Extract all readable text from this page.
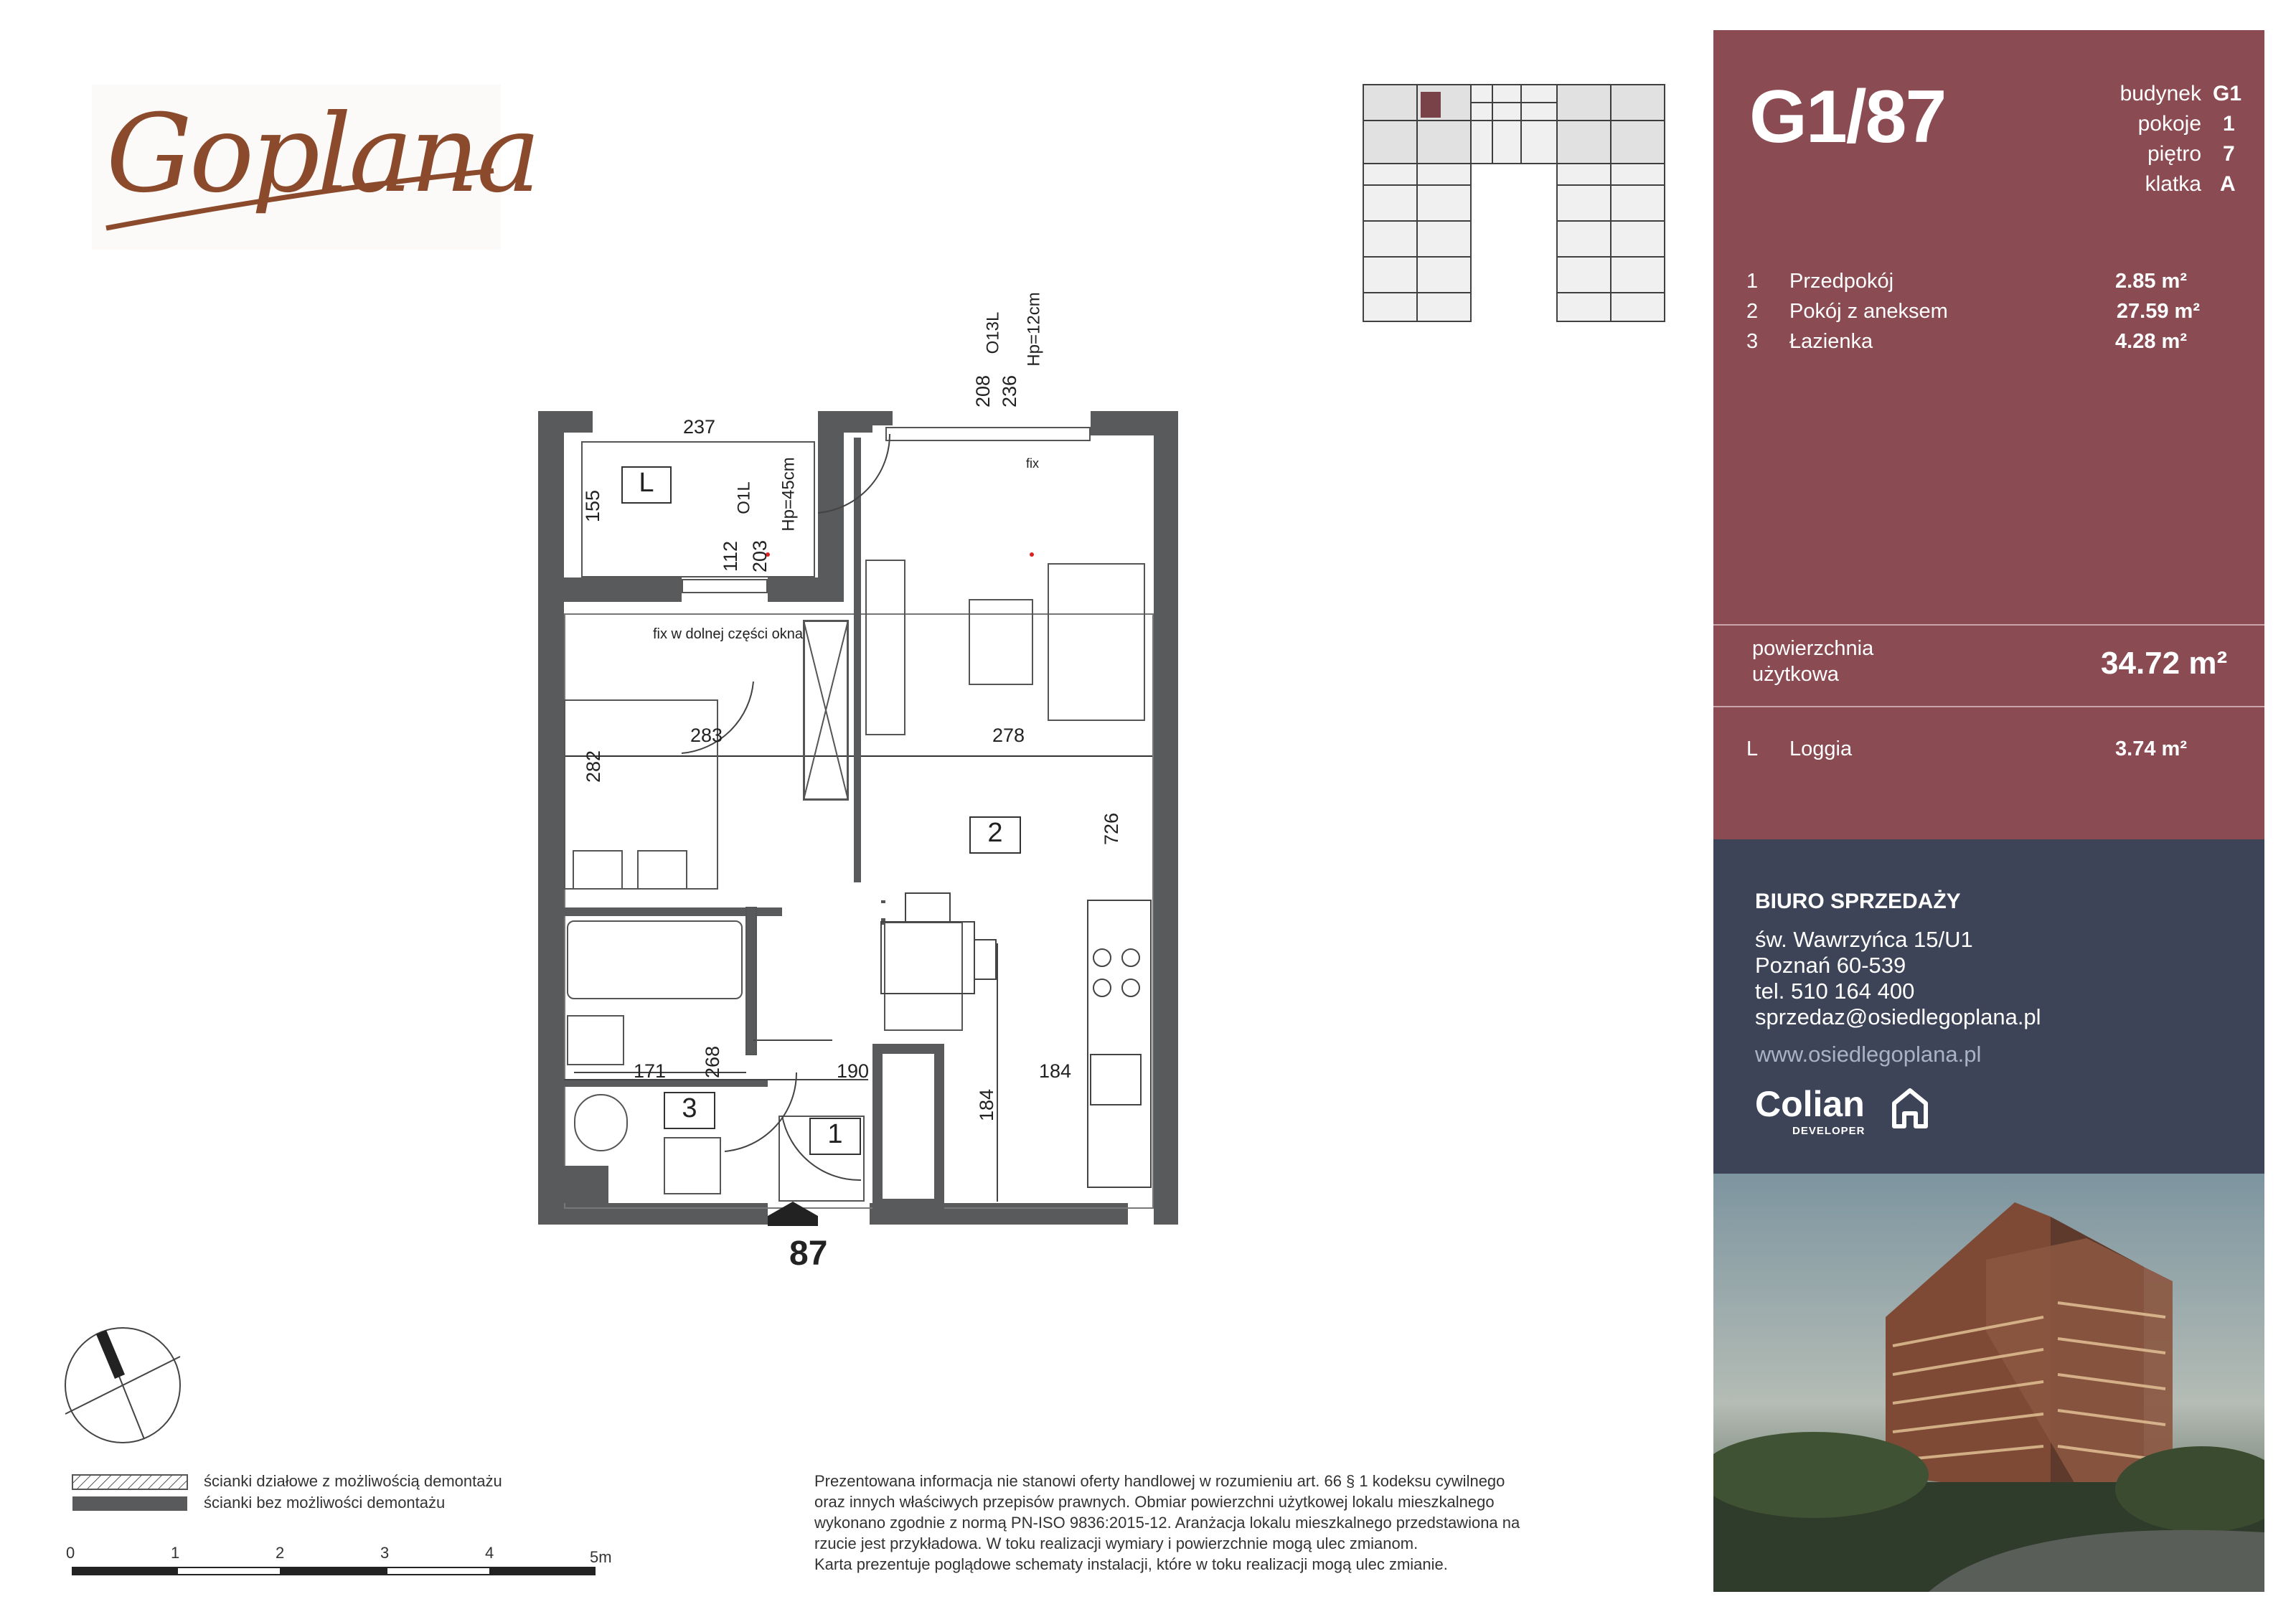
Goplana
L
2
3
1
87
237
155
112 203
208 236
283	278
282
726
171 268	190	184
184
O13L Hp=12cm
O1L Hp=45cm	fix
fix w dolnej części okna
ścianki działowe z możliwością demontażu
ścianki bez możliwości demontażu
0	1	2	3	4	5m
Prezentowana informacja nie stanowi oferty handlowej w rozumieniu art. 66 § 1 kodeksu cywilnego
oraz innych właściwych przepisów prawnych. Obmiar powierzchni użytkowej lokalu mieszkalnego
wykonano zgodnie z normą PN-ISO 9836:2015-12. Aranżacja lokalu mieszkalnego przedstawiona na
rzucie jest przykładowa. W toku realizacji wymiary i powierzchnie mogą ulec zmianom.
Karta prezentuje poglądowe schematy instalacji, które w toku realizacji mogą ulec zmianie.
G1/87	budynek G1
pokoje 1
piętro 7
klatka A
1 Przedpokój	2.85 m²
2 Pokój z aneksem	27.59 m²
3 Łazienka	4.28 m²
powierzchnia
użytkowa	34.72 m²
L Loggia	3.74 m²
BIURO SPRZEDAŻY
św. Wawrzyńca 15/U1
Poznań 60-539
tel. 510 164 400
sprzedaz@osiedlegoplana.pl
www.osiedlegoplana.pl
Colian
DEVELOPER
